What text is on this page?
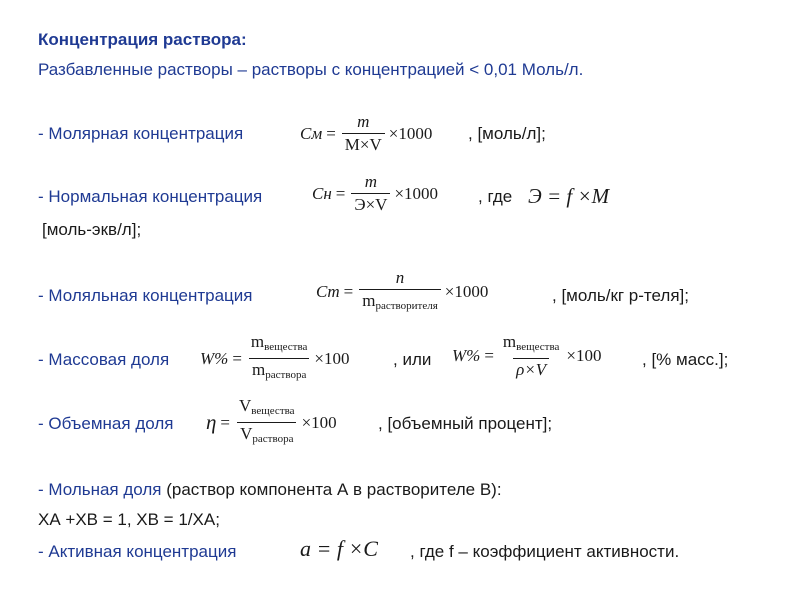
Концентрация раствора:
Разбавленные растворы – растворы с концентрацией < 0,01 Моль/л.
- Молярная концентрация	Cм = $\frac{m}{M\times V} \times 1000$ , [моль/л];
- Нормальная концентрация	Cн = $\frac{m}{Э\times V} \times 1000$ , где Э = f ×M
[моль-экв/л];
- Моляльная концентрация	$Cm = \frac{n}{m_{растворителя}} \times 1000$	, [моль/кг р-теля];
- Массовая доля $W\% = \frac{m_{вещества}}{m_{раствора}} \times 100$	, или $W\% = \frac{m_{вещества}}{\rho\times V} \times 100$ , [% масс.];
- Объемная доля $\eta = \frac{V_{вещества}}{V_{раствора}} \times 100$ , [объемный процент];
- Мольная доля (раствор компонента А в растворителе В):
XА +XВ = 1, XВ = 1/XА;
- Активная концентрация	a = f ×C , где f – коэффициент активности.
